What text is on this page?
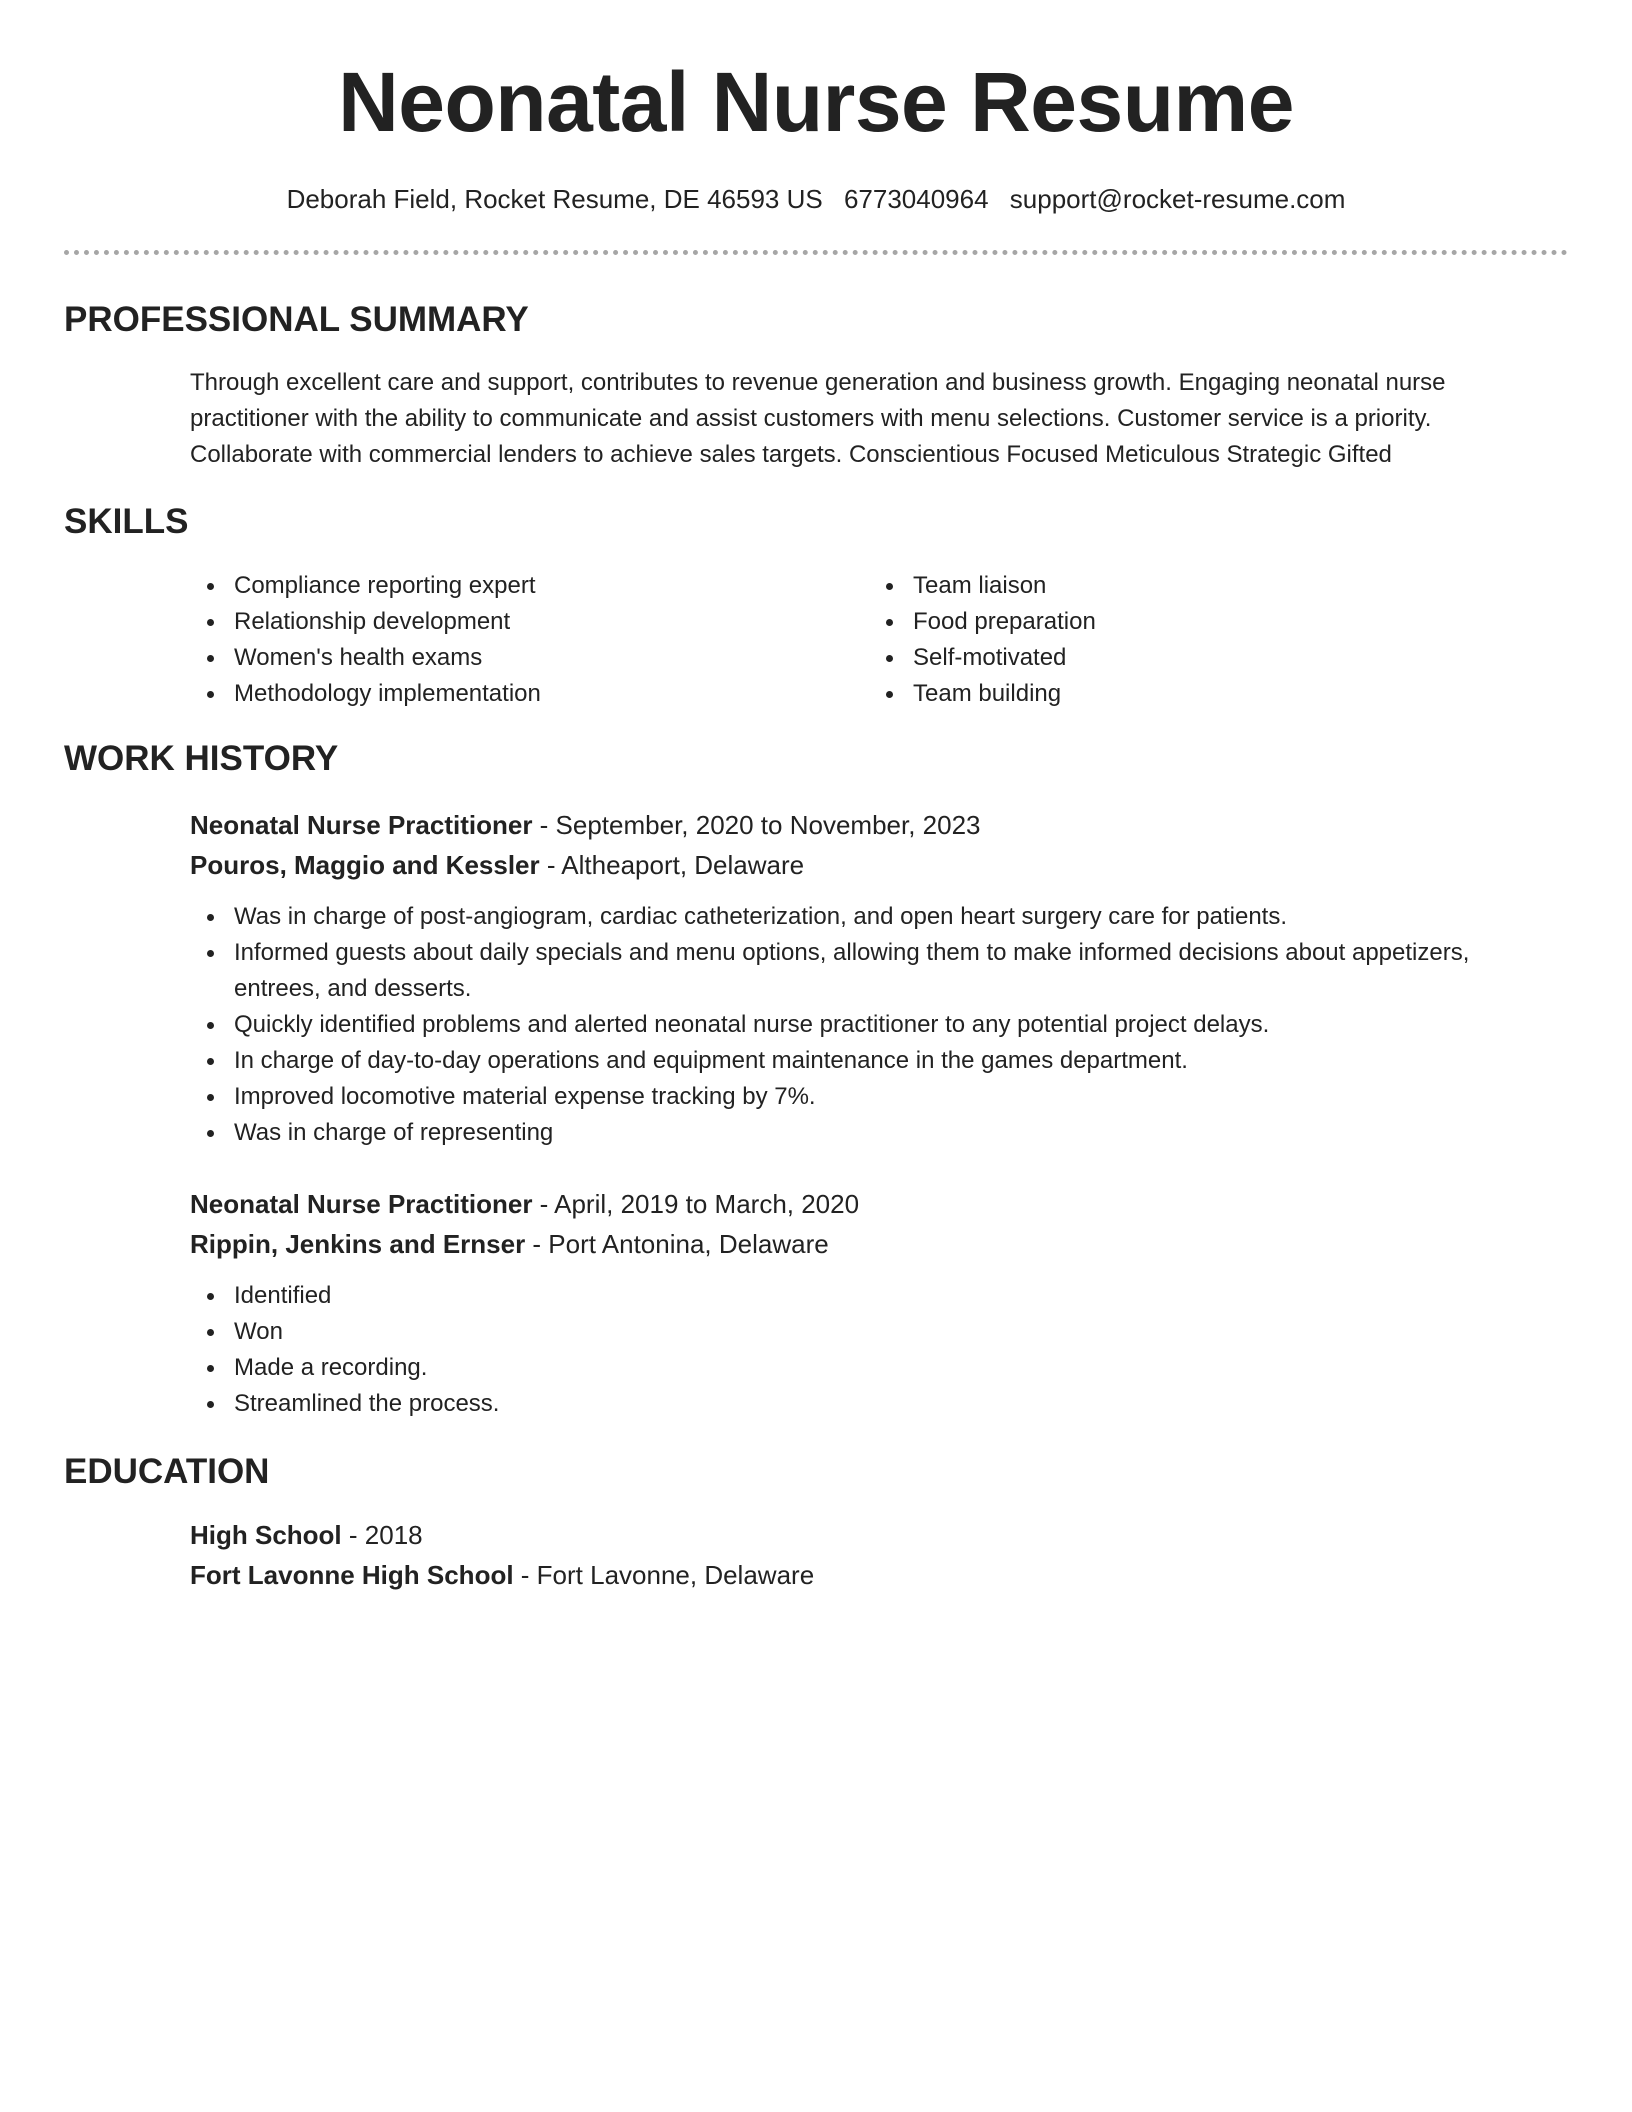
Neonatal Nurse Resume
Deborah Field, Rocket Resume, DE 46593 US 6773040964 support@rocket-resume.com
PROFESSIONAL SUMMARY

Through excellent care and support, contributes to revenue generation and business growth. Engaging neonatal nurse practitioner with the ability to communicate and assist customers with menu selections. Customer service is a priority. Collaborate with commercial lenders to achieve sales targets. Conscientious Focused Meticulous Strategic Gifted

SKILLS
Compliance reporting expert
Relationship development
Women's health exams
Methodology implementation
Team liaison
Food preparation
Self-motivated
Team building
WORK HISTORY
Neonatal Nurse Practitioner - September, 2020 to November, 2023
Pouros, Maggio and Kessler - Altheaport, Delaware
Was in charge of post-angiogram, cardiac catheterization, and open heart surgery care for patients.
Informed guests about daily specials and menu options, allowing them to make informed decisions about appetizers, entrees, and desserts.
Quickly identified problems and alerted neonatal nurse practitioner to any potential project delays.
In charge of day-to-day operations and equipment maintenance in the games department.
Improved locomotive material expense tracking by 7%.
Was in charge of representing
Neonatal Nurse Practitioner - April, 2019 to March, 2020
Rippin, Jenkins and Ernser - Port Antonina, Delaware
Identified
Won
Made a recording.
Streamlined the process.
EDUCATION
High School - 2018
Fort Lavonne High School - Fort Lavonne, Delaware
